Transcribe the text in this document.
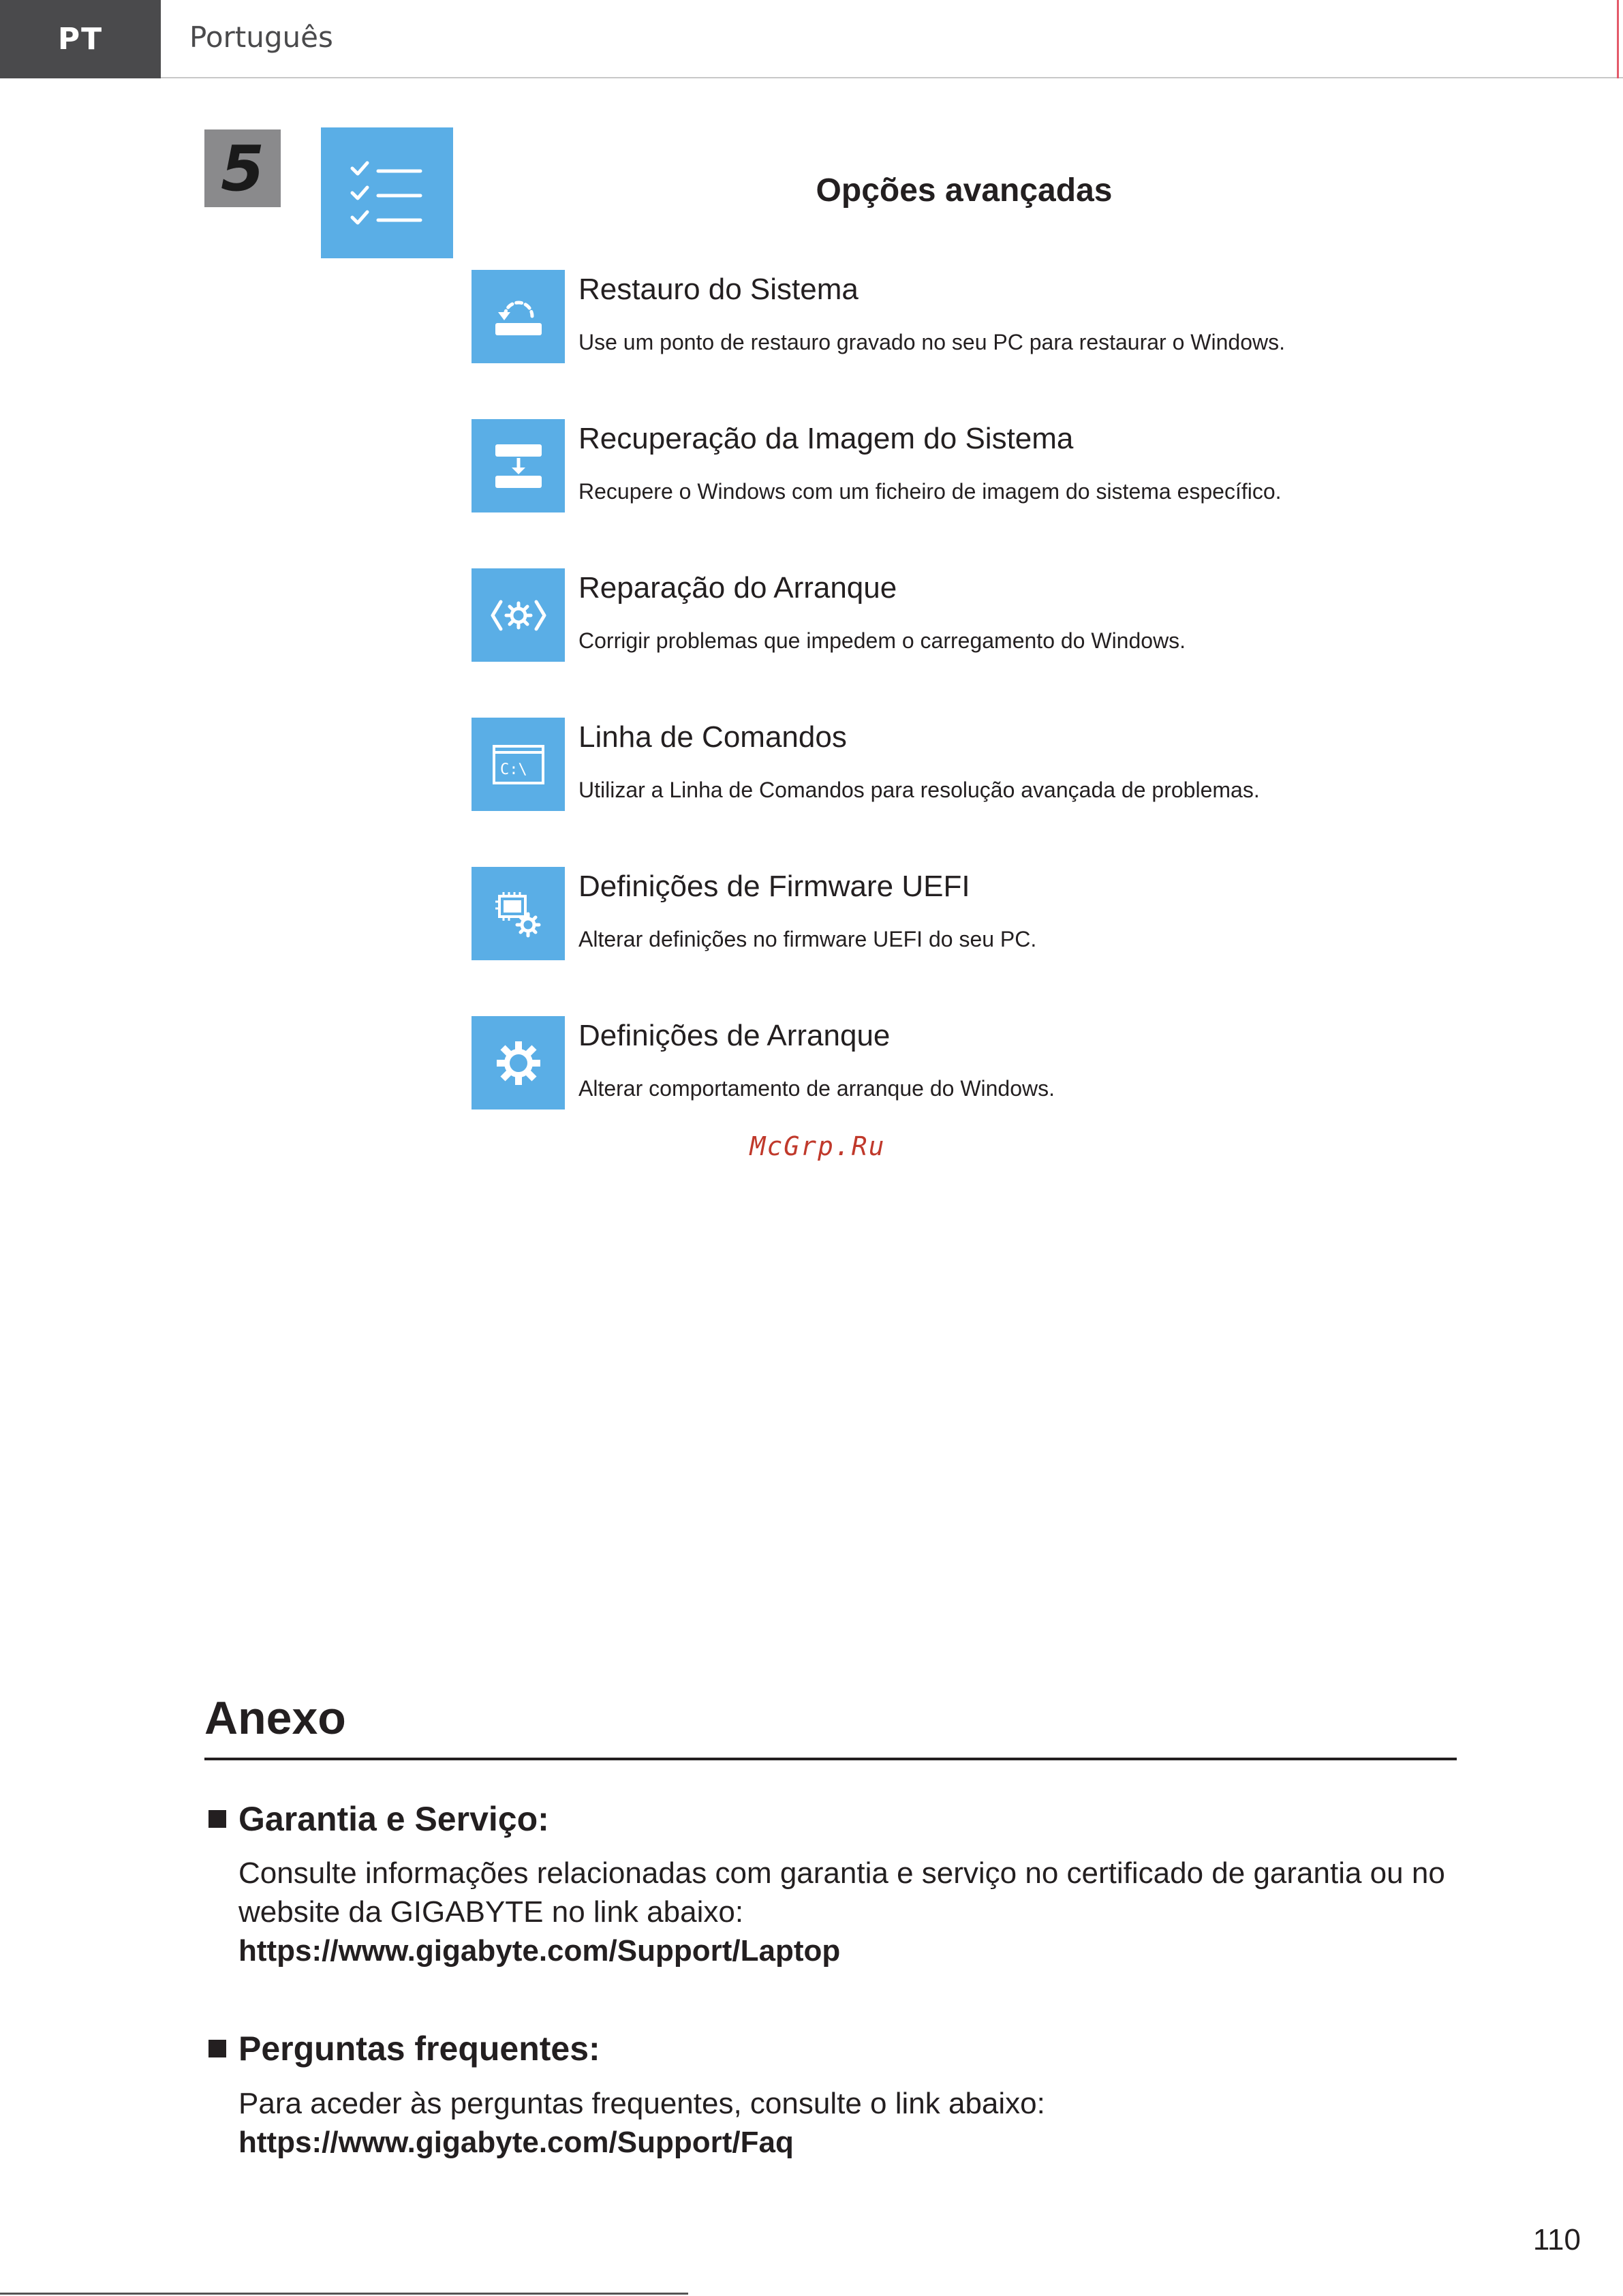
PT	Português
5	Opções avançadas
Restauro do Sistema
Use um ponto de restauro gravado no seu PC para restaurar o Windows.
Recuperação da Imagem do Sistema
Recupere o Windows com um ficheiro de imagem do sistema específico.
Reparação do Arranque
Corrigir problemas que impedem o carregamento do Windows.
C:\
Linha de Comandos
Utilizar a Linha de Comandos para resolução avançada de problemas.
Definições de Firmware UEFI
Alterar definições no firmware UEFI do seu PC.
Definições de Arranque
Alterar comportamento de arranque do Windows.
McGrp.Ru
Anexo
Garantia e Serviço:
Consulte informações relacionadas com garantia e serviço no certificado de garantia ou no website da GIGABYTE no link abaixo:
https://www.gigabyte.com/Support/Laptop
Perguntas frequentes:
Para aceder às perguntas frequentes, consulte o link abaixo:
https://www.gigabyte.com/Support/Faq
110
